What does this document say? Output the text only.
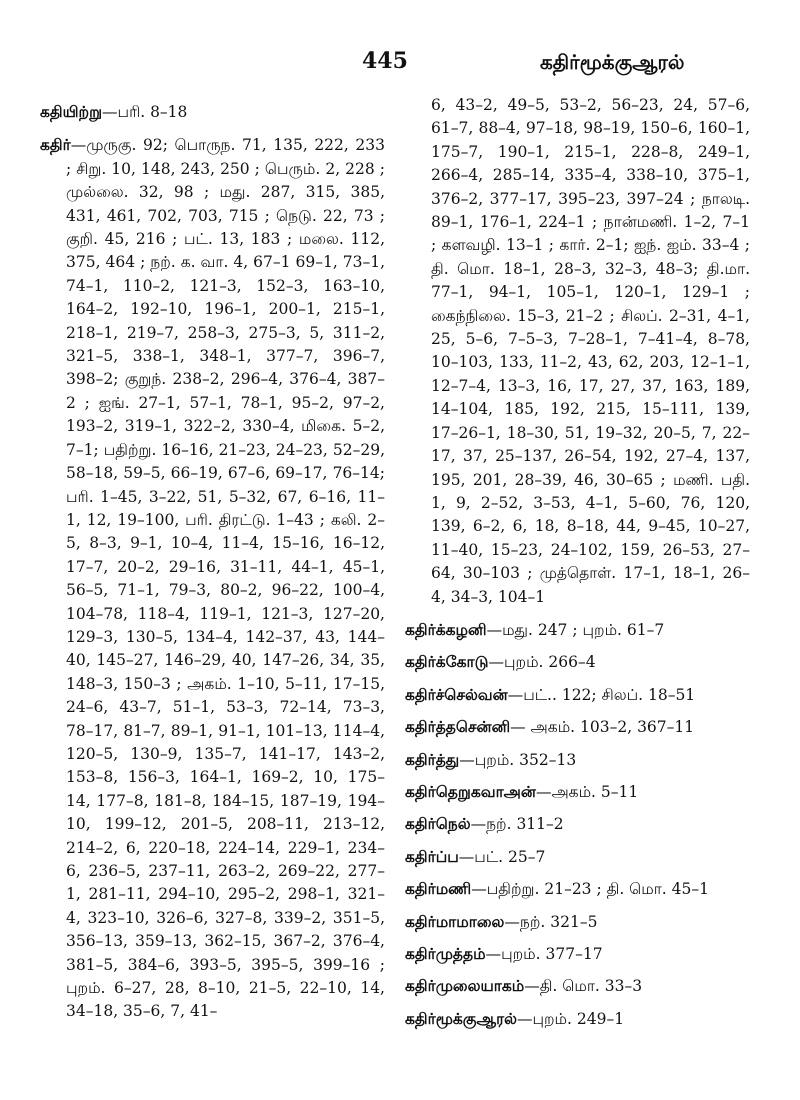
445	கதிர்மூக்குஆரல்

கதியிற்று—பரி. 8–18

கதிர்—முருகு. 92; பொருந. 71, 135, 222, 233 ; சிறு. 10, 148, 243, 250 ; பெரும். 2, 228 ; முல்லை. 32, 98 ; மது. 287, 315, 385, 431, 461, 702, 703, 715 ; நெடு. 22, 73 ; குறி. 45, 216 ; பட். 13, 183 ; மலை. 112, 375, 464 ; நற். க. வா. 4, 67–1 69–1, 73–1, 74–1, 110–2, 121–3, 152–3, 163–10, 164–2, 192–10, 196–1, 200–1, 215–1, 218–1, 219–7, 258–3, 275–3, 5, 311–2, 321–5, 338–1, 348–1, 377–7, 396–7, 398–2; குறுந். 238–2, 296–4, 376–4, 387–2 ; ஐங். 27–1, 57–1, 78–1, 95–2, 97–2, 193–2, 319–1, 322–2, 330–4, மிகை. 5–2, 7–1; பதிற்று. 16–16, 21–23, 24–23, 52–29, 58–18, 59–5, 66–19, 67–6, 69–17, 76–14; பரி. 1–45, 3–22, 51, 5–32, 67, 6–16, 11–1, 12, 19–100, பரி. திரட்டு. 1–43 ; கலி. 2–5, 8–3, 9–1, 10–4, 11–4, 15–16, 16–12, 17–7, 20–2, 29–16, 31–11, 44–1, 45–1, 56–5, 71–1, 79–3, 80–2, 96–22, 100–4, 104–78, 118–4, 119–1, 121–3, 127–20, 129–3, 130–5, 134–4, 142–37, 43, 144–40, 145–27, 146–29, 40, 147–26, 34, 35, 148–3, 150–3 ; அகம். 1–10, 5–11, 17–15, 24–6, 43–7, 51–1, 53–3, 72–14, 73–3, 78–17, 81–7, 89–1, 91–1, 101–13, 114–4, 120–5, 130–9, 135–7, 141–17, 143–2, 153–8, 156–3, 164–1, 169–2, 10, 175–14, 177–8, 181–8, 184–15, 187–19, 194–10, 199–12, 201–5, 208–11, 213–12, 214–2, 6, 220–18, 224–14, 229–1, 234–6, 236–5, 237–11, 263–2, 269–22, 277–1, 281–11, 294–10, 295–2, 298–1, 321–4, 323–10, 326–6, 327–8, 339–2, 351–5, 356–13, 359–13, 362–15, 367–2, 376–4, 381–5, 384–6, 393–5, 395–5, 399–16 ; புறம். 6–27, 28, 8–10, 21–5, 22–10, 14, 34–18, 35–6, 7, 41–

6, 43–2, 49–5, 53–2, 56–23, 24, 57–6, 61–7, 88–4, 97–18, 98–19, 150–6, 160–1, 175–7, 190–1, 215–1, 228–8, 249–1, 266–4, 285–14, 335–4, 338–10, 375–1, 376–2, 377–17, 395–23, 397–24 ; நாலடி. 89–1, 176–1, 224–1 ; நான்மணி. 1–2, 7–1 ; களவழி. 13–1 ; கார். 2–1; ஐந். ஐம். 33–4 ; தி. மொ. 18–1, 28–3, 32–3, 48–3; தி.மா. 77–1, 94–1, 105–1, 120–1, 129–1 ; கைந்நிலை. 15–3, 21–2 ; சிலப். 2–31, 4–1, 25, 5–6, 7–5–3, 7–28–1, 7–41–4, 8–78, 10–103, 133, 11–2, 43, 62, 203, 12–1–1, 12–7–4, 13–3, 16, 17, 27, 37, 163, 189, 14–104, 185, 192, 215, 15–111, 139, 17–26–1, 18–30, 51, 19–32, 20–5, 7, 22–17, 37, 25–137, 26–54, 192, 27–4, 137, 195, 201, 28–39, 46, 30–65 ; மணி. பதி. 1, 9, 2–52, 3–53, 4–1, 5–60, 76, 120, 139, 6–2, 6, 18, 8–18, 44, 9–45, 10–27, 11–40, 15–23, 24–102, 159, 26–53, 27–64, 30–103 ; முத்தொள். 17–1, 18–1, 26–4, 34–3, 104–1

கதிர்க்கழனி—மது. 247 ; புறம். 61–7

கதிர்க்கோடு—புறம். 266–4

கதிர்ச்செல்வன்—பட்.. 122; சிலப். 18–51

கதிர்த்தசென்னி— அகம். 103–2, 367–11

கதிர்த்து—புறம். 352–13

கதிர்தெறுகவாஅன்—அகம். 5–11

கதிர்நெல்—நற். 311–2

கதிர்ப்ப—பட். 25–7

கதிர்மணி—பதிற்று. 21–23 ; தி. மொ. 45–1

கதிர்மாமாலை—நற். 321–5

கதிர்முத்தம்—புறம். 377–17

கதிர்முலையாகம்—தி. மொ. 33–3

கதிர்மூக்குஆரல்—புறம். 249–1
